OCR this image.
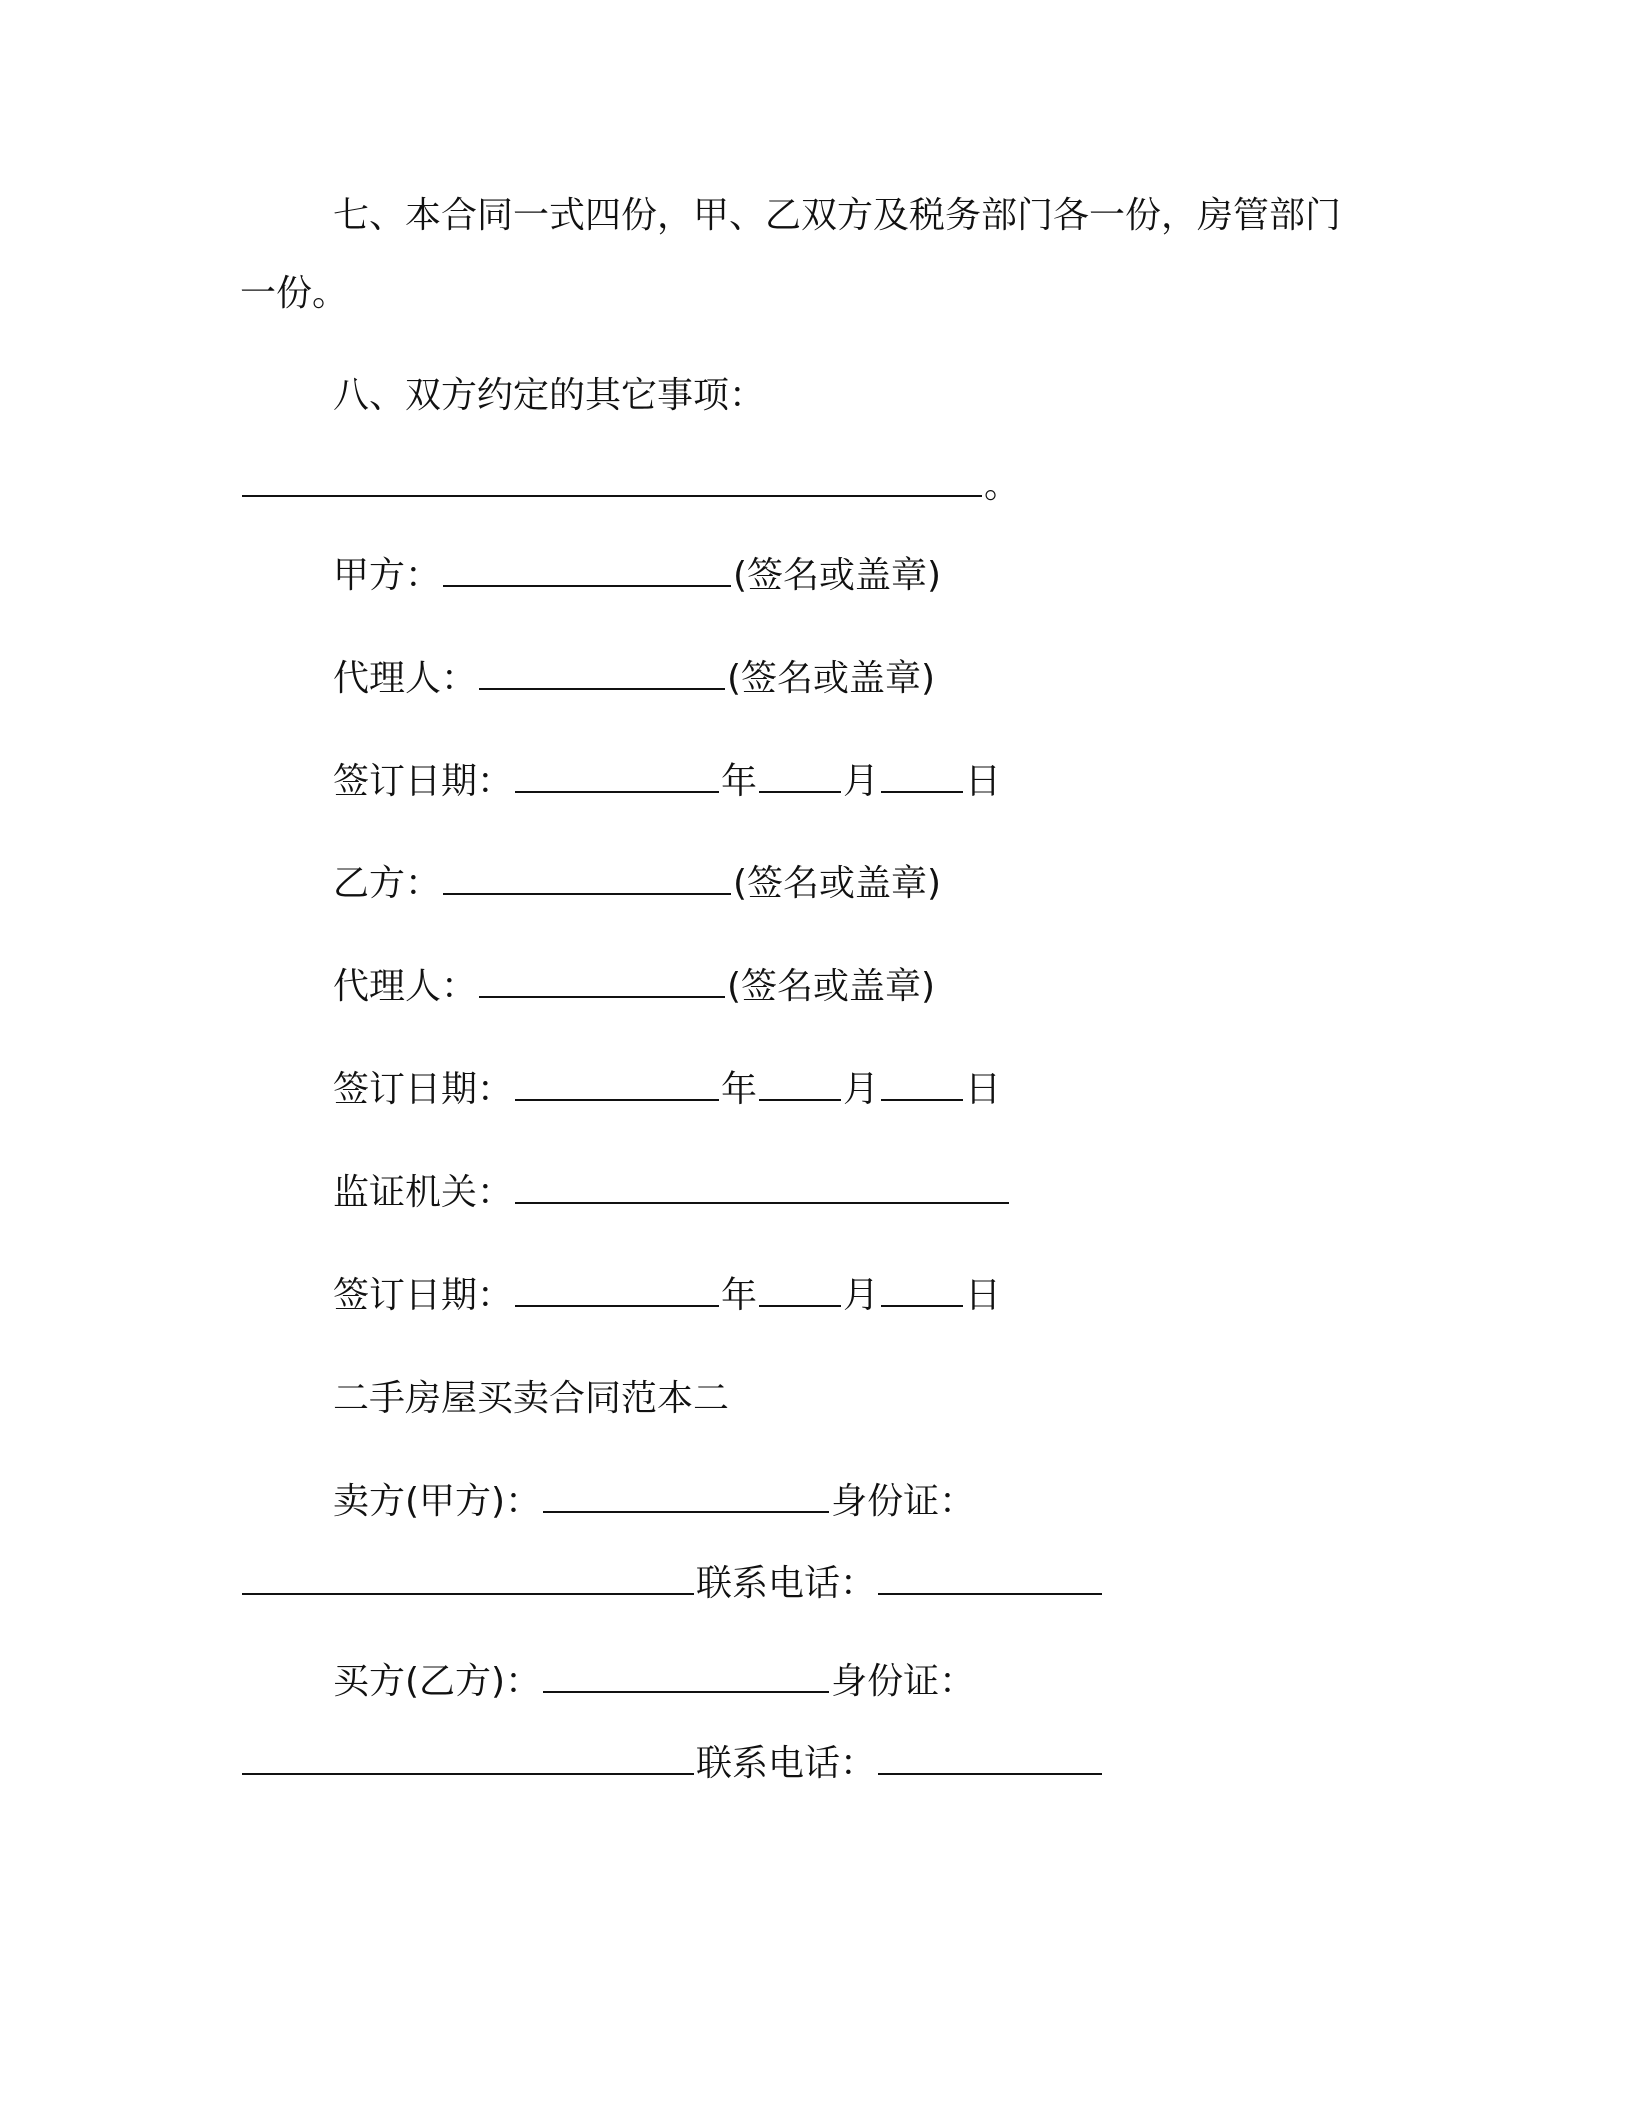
七、本合同一式四份，甲、乙双方及税务部门各一份，房管部门
一份。
八、双方约定的其它事项：
。
甲方：	(签名或盖章)
代理人：	(签名或盖章)
签订日期：	年 月 日
乙方：	(签名或盖章)
代理人：	(签名或盖章)
签订日期：	年 月 日
监证机关：
签订日期：	年 月 日
二手房屋买卖合同范本二
卖方(甲方)：	身份证：
联系电话：
买方(乙方)：	身份证：
联系电话：
